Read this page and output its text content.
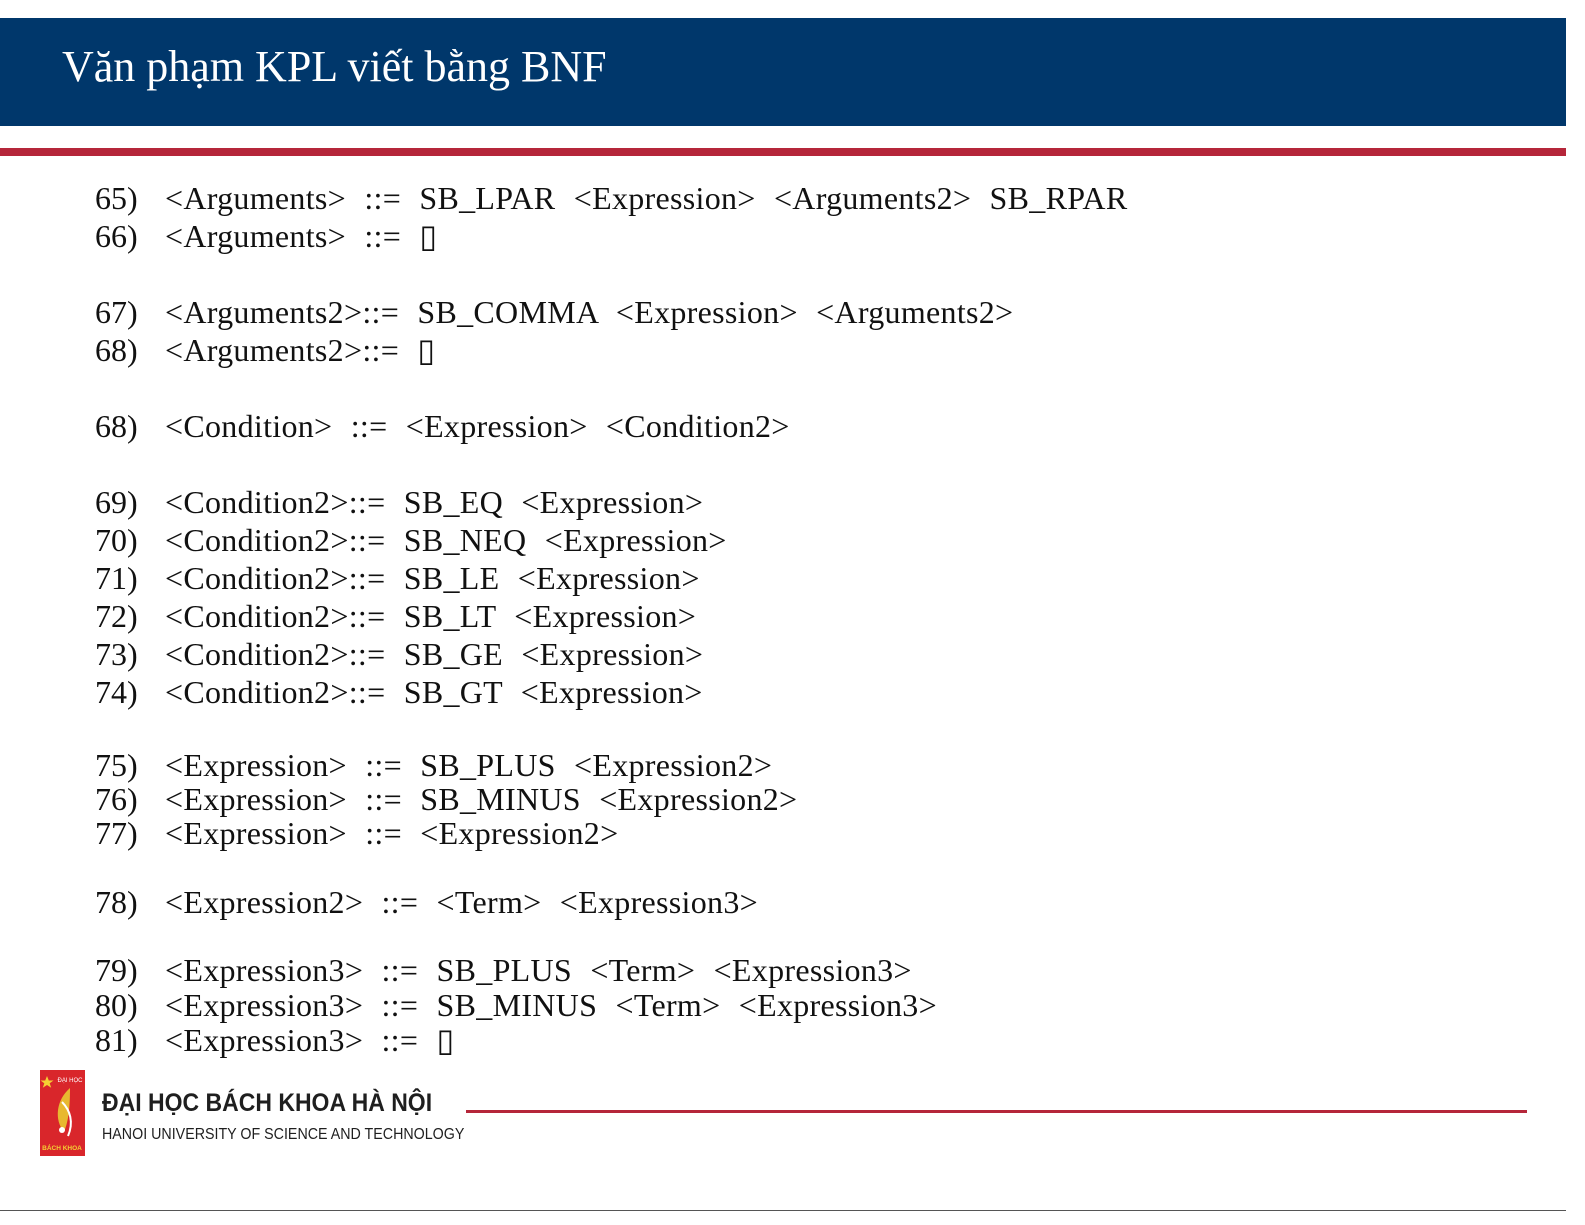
Văn phạm KPL viết bằng BNF
65) <Arguments> ::= SB_LPAR <Expression> <Arguments2> SB_RPAR
66) <Arguments> ::= ▯
67) <Arguments2>::= SB_COMMA <Expression> <Arguments2>
68) <Arguments2>::= ▯
68) <Condition> ::= <Expression> <Condition2>
69) <Condition2>::= SB_EQ <Expression>
70) <Condition2>::= SB_NEQ <Expression>
71) <Condition2>::= SB_LE <Expression>
72) <Condition2>::= SB_LT <Expression>
73) <Condition2>::= SB_GE <Expression>
74) <Condition2>::= SB_GT <Expression>
75) <Expression> ::= SB_PLUS <Expression2>
76) <Expression> ::= SB_MINUS <Expression2>
77) <Expression> ::= <Expression2>
78) <Expression2> ::= <Term> <Expression3>
79) <Expression3> ::= SB_PLUS <Term> <Expression3>
80) <Expression3> ::= SB_MINUS <Term> <Expression3>
81) <Expression3> ::= ▯
ĐẠI HỌC
BÁCH KHOA
ĐẠI HỌC BÁCH KHOA HÀ NỘI
HANOI UNIVERSITY OF SCIENCE AND TECHNOLOGY
